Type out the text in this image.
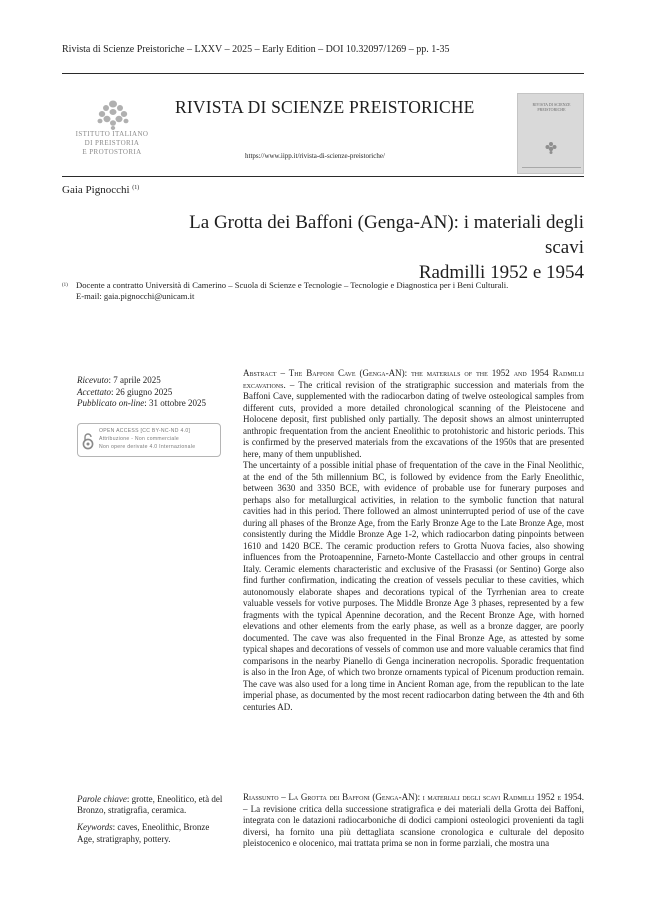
Rivista di Scienze Preistoriche – LXXV – 2025 – Early Edition – DOI 10.32097/1269 – pp. 1-35
ISTITUTO ITALIANO
DI PREISTORIA
E PROTOSTORIA
RIVISTA DI SCIENZE PREISTORICHE
https://www.iipp.it/rivista-di-scienze-preistoriche/
RIVISTA DI SCIENZE
PREISTORICHE
Gaia Pignocchi $^{(1)}$
La Grotta dei Baffoni (Genga-AN): i materiali degli scavi
Radmilli 1952 e 1954
(1) Docente a contratto Università di Camerino – Scuola di Scienze e Tecnologie – Tecnologie e Diagnostica per i Beni Culturali.
E-mail: gaia.pignocchi@unicam.it
Ricevuto: 7 aprile 2025
Accettato: 26 giugno 2025
Pubblicato on-line: 31 ottobre 2025
OPEN ACCESS [CC BY-NC-ND 4.0]
Attribuzione - Non commerciale
Non opere derivate 4.0 Internazionale
Parole chiave: grotte, Eneolitico, età del Bronzo, stratigrafia, ceramica.
Keywords: caves, Eneolithic, Bronze Age, stratigraphy, pottery.

Abstract – The Baffoni Cave (Genga-AN): the materials of the 1952 and 1954 Radmilli excavations. – The critical revision of the stratigraphic succession and materials from the Baffoni Cave, supplemented with the radiocarbon dating of twelve osteological samples from different cuts, provided a more detailed chronological scanning of the Pleistocene and Holocene deposit, first published only partially. The deposit shows an almost uninterrupted anthropic frequentation from the ancient Eneolithic to protohistoric and historic periods. This is confirmed by the preserved materials from the excavations of the 1950s that are presented here, many of them unpublished.

The uncertainty of a possible initial phase of frequentation of the cave in the Final Neolithic, at the end of the 5th millennium BC, is followed by evidence from the Early Eneolithic, between 3630 and 3350 BCE, with evidence of probable use for funerary purposes and perhaps also for metallurgical activities, in relation to the symbolic function that natural cavities had in this period. There followed an almost uninterrupted period of use of the cave during all phases of the Bronze Age, from the Early Bronze Age to the Late Bronze Age, most consistently during the Middle Bronze Age 1-2, which radiocarbon dating pinpoints between 1610 and 1420 BCE. The ceramic production refers to Grotta Nuova facies, also showing influences from the Protoapennine, Farneto-Monte Castellaccio and other groups in central Italy. Ceramic elements characteristic and exclusive of the Frasassi (or Sentino) Gorge also find further confirmation, indicating the creation of vessels peculiar to these cavities, which autonomously elaborate shapes and decorations typical of the Tyrrhenian area to create valuable vessels for votive purposes. The Middle Bronze Age 3 phases, represented by a few fragments with the typical Apennine decoration, and the Recent Bronze Age, with horned elevations and other elements from the early phase, as well as a bronze dagger, are poorly documented. The cave was also frequented in the Final Bronze Age, as attested by some typical shapes and decorations of vessels of common use and more valuable ceramics that find comparisons in the nearby Pianello di Genga incineration necropolis. Sporadic frequentation is also in the Iron Age, of which two bronze ornaments typical of Picenum production remain. The cave was also used for a long time in Ancient Roman age, from the republican to the late imperial phase, as documented by the most recent radiocarbon dating between the 4th and 6th centuries AD.

Riassunto – La Grotta dei Baffoni (Genga-AN): i materiali degli scavi Radmilli 1952 e 1954. – La revisione critica della successione stratigrafica e dei materiali della Grotta dei Baffoni, integrata con le datazioni radiocarboniche di dodici campioni osteologici provenienti da tagli diversi, ha fornito una più dettagliata scansione cronologica e culturale del deposito pleistocenico e olocenico, mai trattata prima se non in forme parziali, che mostra una
